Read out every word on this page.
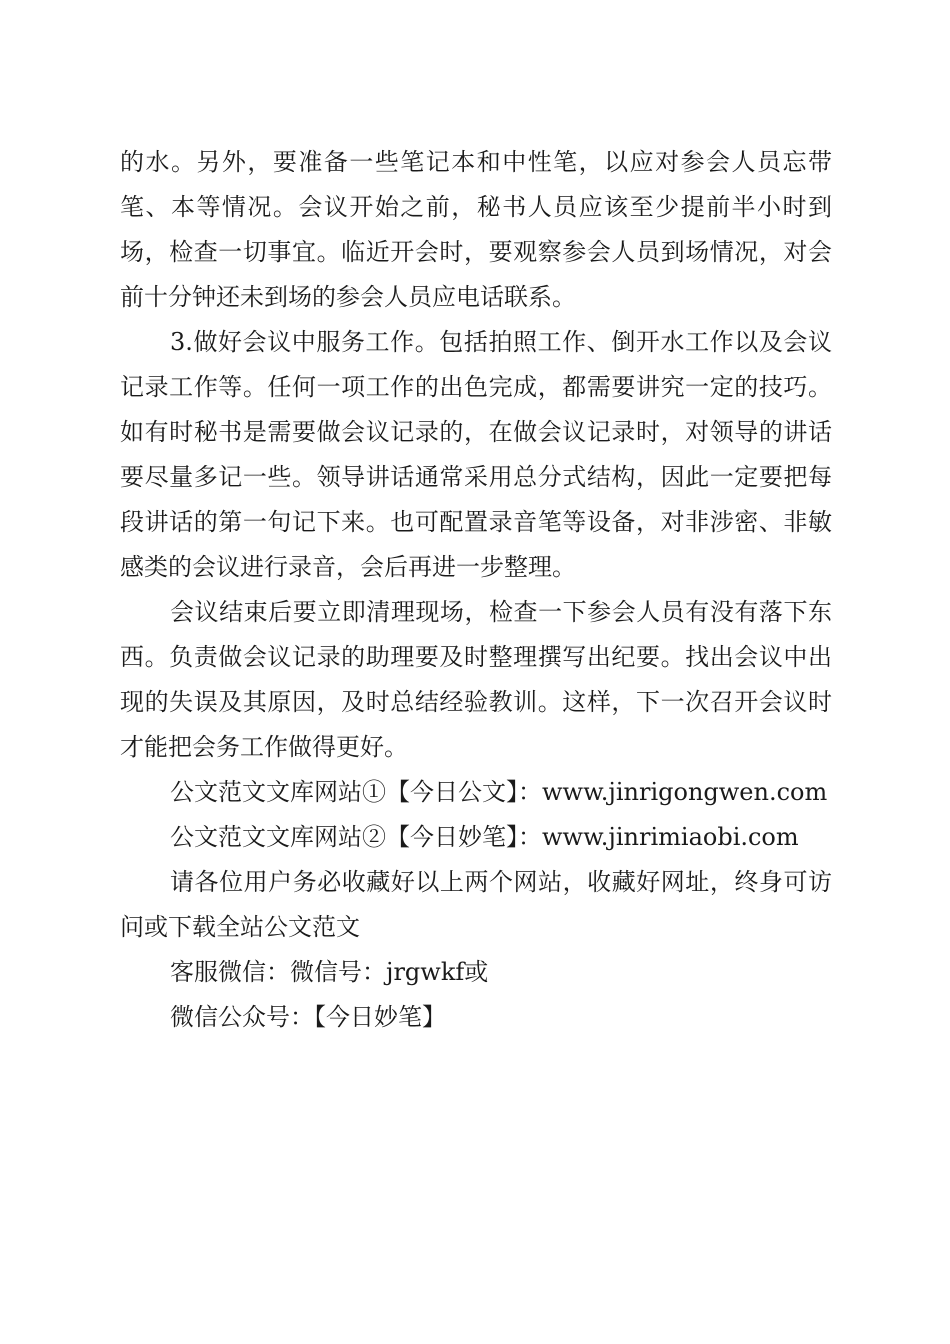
的水。另外，要准备一些笔记本和中性笔，以应对参会人员忘带笔、本等情况。会议开始之前，秘书人员应该至少提前半小时到场，检查一切事宜。临近开会时，要观察参会人员到场情况，对会前十分钟还未到场的参会人员应电话联系。

3.做好会议中服务工作。包括拍照工作、倒开水工作以及会议记录工作等。任何一项工作的出色完成，都需要讲究一定的技巧。如有时秘书是需要做会议记录的，在做会议记录时，对领导的讲话要尽量多记一些。领导讲话通常采用总分式结构，因此一定要把每段讲话的第一句记下来。也可配置录音笔等设备，对非涉密、非敏感类的会议进行录音，会后再进一步整理。

会议结束后要立即清理现场，检查一下参会人员有没有落下东西。负责做会议记录的助理要及时整理撰写出纪要。找出会议中出现的失误及其原因，及时总结经验教训。这样，下一次召开会议时才能把会务工作做得更好。

公文范文文库网站①【今日公文】：www.jinrigongwen.com

公文范文文库网站②【今日妙笔】：www.jinrimiaobi.com

请各位用户务必收藏好以上两个网站，收藏好网址，终身可访问或下载全站公文范文

客服微信：微信号：jrgwkf或

微信公众号：【今日妙笔】
